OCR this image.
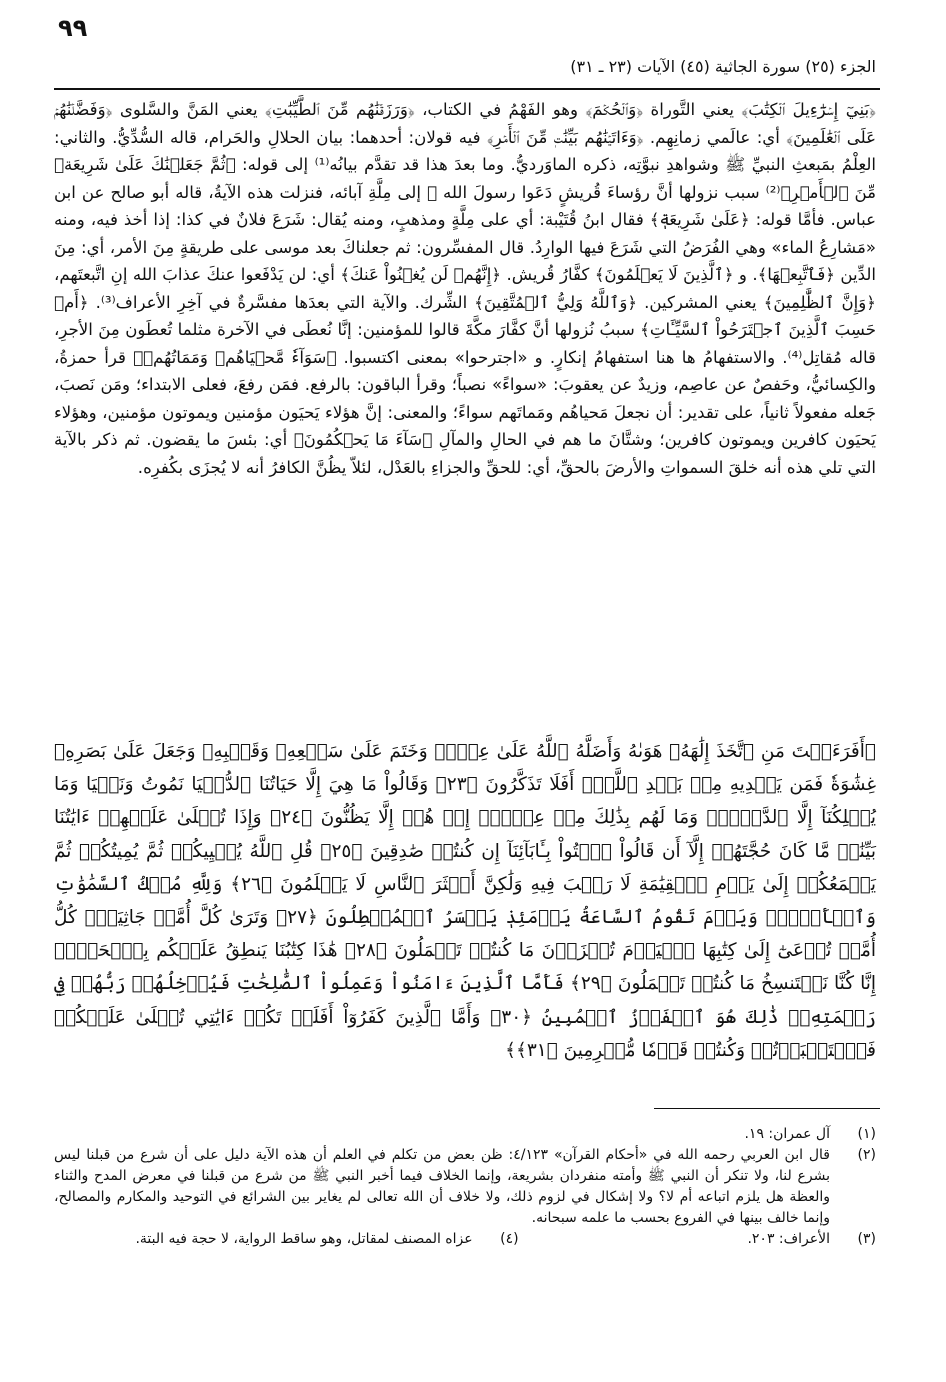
٩٩
الجزء (٢٥) سورة الجاثية (٤٥) الآيات (٢٣ ـ ٣١)

﴿بَنِيٓ إِسۡرَٰٓءِيلَ ٱلۡكِتَٰبَ﴾ يعني التَّوراة ﴿وَٱلۡحُكۡمَ﴾ وهو الفَهْمُ في الكتاب، ﴿وَرَزَقۡنَٰهُم مِّنَ ٱلطَّيِّبَٰتِ﴾ يعني المَنَّ والسَّلوى ﴿وَفَضَّلۡنَٰهُمۡ عَلَى ٱلۡعَٰلَمِينَ﴾ أي: عالَمي زمانِهِم. ﴿وَءَاتَيۡنَٰهُم بَيِّنَٰتٖ مِّنَ ٱلۡأَمۡرِ﴾ فيه قولان: أحدهما: بيان الحلالِ والحَرام، قاله السُّدِّيُّ. والثاني: العِلْمُ بمَبعثِ النبيِّ ﷺ وشواهدِ نبوَّتِه، ذكره الماوَرديُّ. وما بعدَ هذا قد تقدَّم بيانُه⁽¹⁾ إلى قوله: ﴿ثُمَّ جَعَلۡنَٰكَ عَلَىٰ شَرِيعَةٖ مِّنَ ٱلۡأَمۡرِ﴾⁽²⁾ سبب نزولها أنَّ رؤساءَ قُريشٍ دَعَوا رسولَ الله ﷺ إلى مِلَّةِ آبائه، فنزلت هذه الآيةُ، قاله أبو صالح عن ابن عباس. فأمَّا قوله: ﴿عَلَىٰ شَرِيعَةٖ﴾ فقال ابنُ قُتَيْبة: أي على مِلَّةٍ ومذهبٍ، ومنه يُقال: شَرَعَ فلانٌ في كذا: إذا أخذ فيه، ومنه «مَشارِعُ الماء» وهي الفُرَضُ التي شَرَعَ فيها الوارِدُ. قال المفسِّرون: ثم جعلناكَ بعد موسى على طريقةٍ مِنَ الأمر، أي: مِنَ الدِّين ﴿فَٱتَّبِعۡهَا﴾. و ﴿ٱلَّذِينَ لَا يَعۡلَمُونَ﴾ كفَّارُ قُريش. ﴿إِنَّهُمۡ لَن يُغۡنُواْ عَنكَ﴾ أي: لن يَدْفَعوا عنكَ عذابَ الله إنِ اتَّبعتَهم، ﴿وَإِنَّ ٱلظَّٰلِمِينَ﴾ يعني المشركين. ﴿وَٱللَّهُ وَلِيُّ ٱلۡمُتَّقِينَ﴾ الشِّرك. والآية التي بعدَها مفسَّرةٌ في آخِرِ الأعراف⁽³⁾. ﴿أَمۡ حَسِبَ ٱلَّذِينَ ٱجۡتَرَحُواْ ٱلسَّيِّـَٔاتِ﴾ سببُ نُزولها أنَّ كفَّارَ مكَّةَ قالوا للمؤمنين: إنَّا نُعطَى في الآخرة مثلما تُعطَون مِنَ الأجرِ، قاله مُقاتِل⁽⁴⁾. والاستفهامُ ها هنا استفهامُ إنكارٍ. و «اجترحوا» بمعنى اكتسبوا. ﴿سَوَآءٗ مَّحۡيَاهُمۡ وَمَمَاتُهُمۡ﴾ قرأ حمزةُ، والكِسائيُّ، وحَفصٌ عن عاصِم، وزيدٌ عن يعقوبَ: «سواءً» نصباً؛ وقرأ الباقون: بالرفع. فمَن رفعَ، فعلى الابتداء؛ ومَن نَصبَ، جَعله مفعولاً ثانياً، على تقدير: أن نجعلَ مَحياهُم ومَماتَهم سواءً؛ والمعنى: إنَّ هؤلاء يَحيَون مؤمنين ويموتون مؤمنين، وهؤلاء يَحيَون كافرين ويموتون كافرين؛ وشتَّانَ ما هم في الحالِ والمآلِ ﴿سَآءَ مَا يَحۡكُمُونَ﴾ أي: بئسَ ما يقضون. ثم ذكر بالآية التي تلي هذه أنه خلقَ السمواتِ والأرضَ بالحقِّ، أي: للحقِّ والجزاءِ بالعَدْل، لئلاّ يظُنَّ الكافرُ أنه لا يُجزَى بكُفرِه.

﴿أَفَرَءَيۡتَ مَنِ ٱتَّخَذَ إِلَٰهَهُۥ هَوَىٰهُ وَأَضَلَّهُ ٱللَّهُ عَلَىٰ عِلۡمٖ وَخَتَمَ عَلَىٰ سَمۡعِهِۦ وَقَلۡبِهِۦ وَجَعَلَ عَلَىٰ بَصَرِهِۦ غِشَٰوَةٗ فَمَن يَهۡدِيهِ مِنۢ بَعۡدِ ٱللَّهِۚ أَفَلَا تَذَكَّرُونَ ﴿٢٣﴾ وَقَالُواْ مَا هِيَ إِلَّا حَيَاتُنَا ٱلدُّنۡيَا نَمُوتُ وَنَحۡيَا وَمَا يُهۡلِكُنَآ إِلَّا ٱلدَّهۡرُۚ وَمَا لَهُم بِذَٰلِكَ مِنۡ عِلۡمٍۖ إِنۡ هُمۡ إِلَّا يَظُنُّونَ ﴿٢٤﴾ وَإِذَا تُتۡلَىٰ عَلَيۡهِمۡ ءَايَٰتُنَا بَيِّنَٰتٖ مَّا كَانَ حُجَّتَهُمۡ إِلَّآ أَن قَالُواْ ٱئۡتُواْ بِـَٔابَآئِنَآ إِن كُنتُمۡ صَٰدِقِينَ ﴿٢٥﴾ قُلِ ٱللَّهُ يُحۡيِيكُمۡ ثُمَّ يُمِيتُكُمۡ ثُمَّ يَجۡمَعُكُمۡ إِلَىٰ يَوۡمِ ٱلۡقِيَٰمَةِ لَا رَيۡبَ فِيهِ وَلَٰكِنَّ أَكۡثَرَ ٱلنَّاسِ لَا يَعۡلَمُونَ ﴿٢٦﴾ وَلِلَّهِ مُلۡكُ ٱلسَّمَٰوَٰتِ وَٱلۡأَرۡضِۚ وَيَوۡمَ تَقُومُ ٱلسَّاعَةُ يَوۡمَئِذٖ يَخۡسَرُ ٱلۡمُبۡطِلُونَ ﴿٢٧﴾ وَتَرَىٰ كُلَّ أُمَّةٖ جَاثِيَةٗۚ كُلُّ أُمَّةٖ تُدۡعَىٰٓ إِلَىٰ كِتَٰبِهَا ٱلۡيَوۡمَ تُجۡزَوۡنَ مَا كُنتُمۡ تَعۡمَلُونَ ﴿٢٨﴾ هَٰذَا كِتَٰبُنَا يَنطِقُ عَلَيۡكُم بِٱلۡحَقِّۚ إِنَّا كُنَّا نَسۡتَنسِخُ مَا كُنتُمۡ تَعۡمَلُونَ ﴿٢٩﴾ فَأَمَّا ٱلَّذِينَ ءَامَنُواْ وَعَمِلُواْ ٱلصَّٰلِحَٰتِ فَيُدۡخِلُهُمۡ رَبُّهُمۡ فِي رَحۡمَتِهِۦۚ ذَٰلِكَ هُوَ ٱلۡفَوۡزُ ٱلۡمُبِينُ ﴿٣٠﴾ وَأَمَّا ٱلَّذِينَ كَفَرُوٓاْ أَفَلَمۡ تَكُنۡ ءَايَٰتِي تُتۡلَىٰ عَلَيۡكُمۡ فَٱسۡتَكۡبَرۡتُمۡ وَكُنتُمۡ قَوۡمٗا مُّجۡرِمِينَ ﴿٣١﴾﴾

(١)
آل عمران: ١٩.
(٢)
قال ابن العربي رحمه الله في «أحكام القرآن» ٤/١٢٣: ظن بعض من تكلم في العلم أن هذه الآية دليل على أن شرع من قبلنا ليس بشرع لنا، ولا تنكر أن النبي ﷺ وأمته منفردان بشريعة، وإنما الخلاف فيما أخبر النبي ﷺ من شرع من قبلنا في معرض المدح والثناء والعظة هل يلزم اتباعه أم لا؟ ولا إشكال في لزوم ذلك، ولا خلاف أن الله تعالى لم يغاير بين الشرائع في التوحيد والمكارم والمصالح، وإنما خالف بينها في الفروع بحسب ما علمه سبحانه.
(٣)
الأعراف: ٢٠٣.
(٤)
عزاه المصنف لمقاتل، وهو ساقط الرواية، لا حجة فيه البتة.
